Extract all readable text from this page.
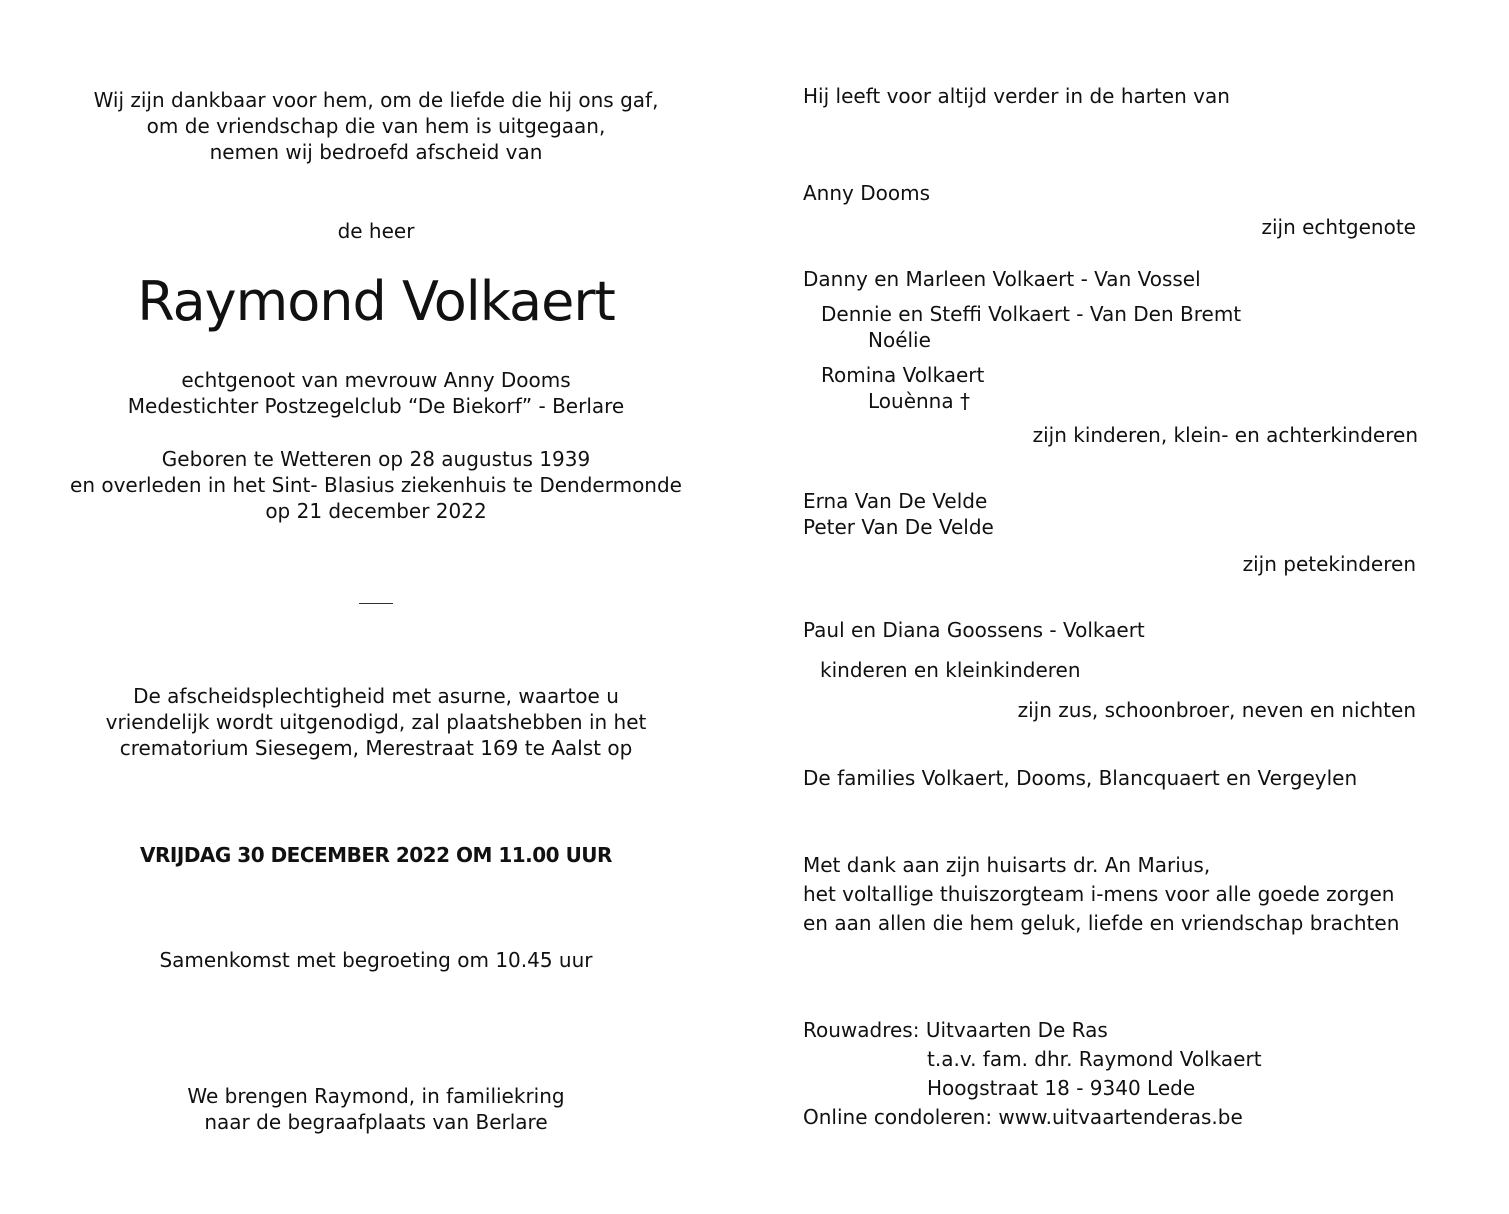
Wij zijn dankbaar voor hem, om de liefde die hij ons gaf,
om de vriendschap die van hem is uitgegaan,
nemen wij bedroefd afscheid van
de heer
Raymond Volkaert
echtgenoot van mevrouw Anny Dooms
Medestichter Postzegelclub “De Biekorf” - Berlare
Geboren te Wetteren op 28 augustus 1939
en overleden in het Sint- Blasius ziekenhuis te Dendermonde
op 21 december 2022
De afscheidsplechtigheid met asurne, waartoe u
vriendelijk wordt uitgenodigd, zal plaatshebben in het
crematorium Siesegem, Merestraat 169 te Aalst op
VRIJDAG 30 DECEMBER 2022 OM 11.00 UUR
Samenkomst met begroeting om 10.45 uur
We brengen Raymond, in familiekring
naar de begraafplaats van Berlare
Hij leeft voor altijd verder in de harten van
Anny Dooms
zijn echtgenote
Danny en Marleen Volkaert - Van Vossel
Dennie en Steffi Volkaert - Van Den Bremt
Noélie
Romina Volkaert
Louènna †
zijn kinderen, klein- en achterkinderen
Erna Van De Velde
Peter Van De Velde
zijn petekinderen
Paul en Diana Goossens - Volkaert
kinderen en kleinkinderen
zijn zus, schoonbroer, neven en nichten
De families Volkaert, Dooms, Blancquaert en Vergeylen
Met dank aan zijn huisarts dr. An Marius,
het voltallige thuiszorgteam i-mens voor alle goede zorgen
en aan allen die hem geluk, liefde en vriendschap brachten
Rouwadres: Uitvaarten De Ras
t.a.v. fam. dhr. Raymond Volkaert
Hoogstraat 18 - 9340 Lede
Online condoleren: www.uitvaartenderas.be
